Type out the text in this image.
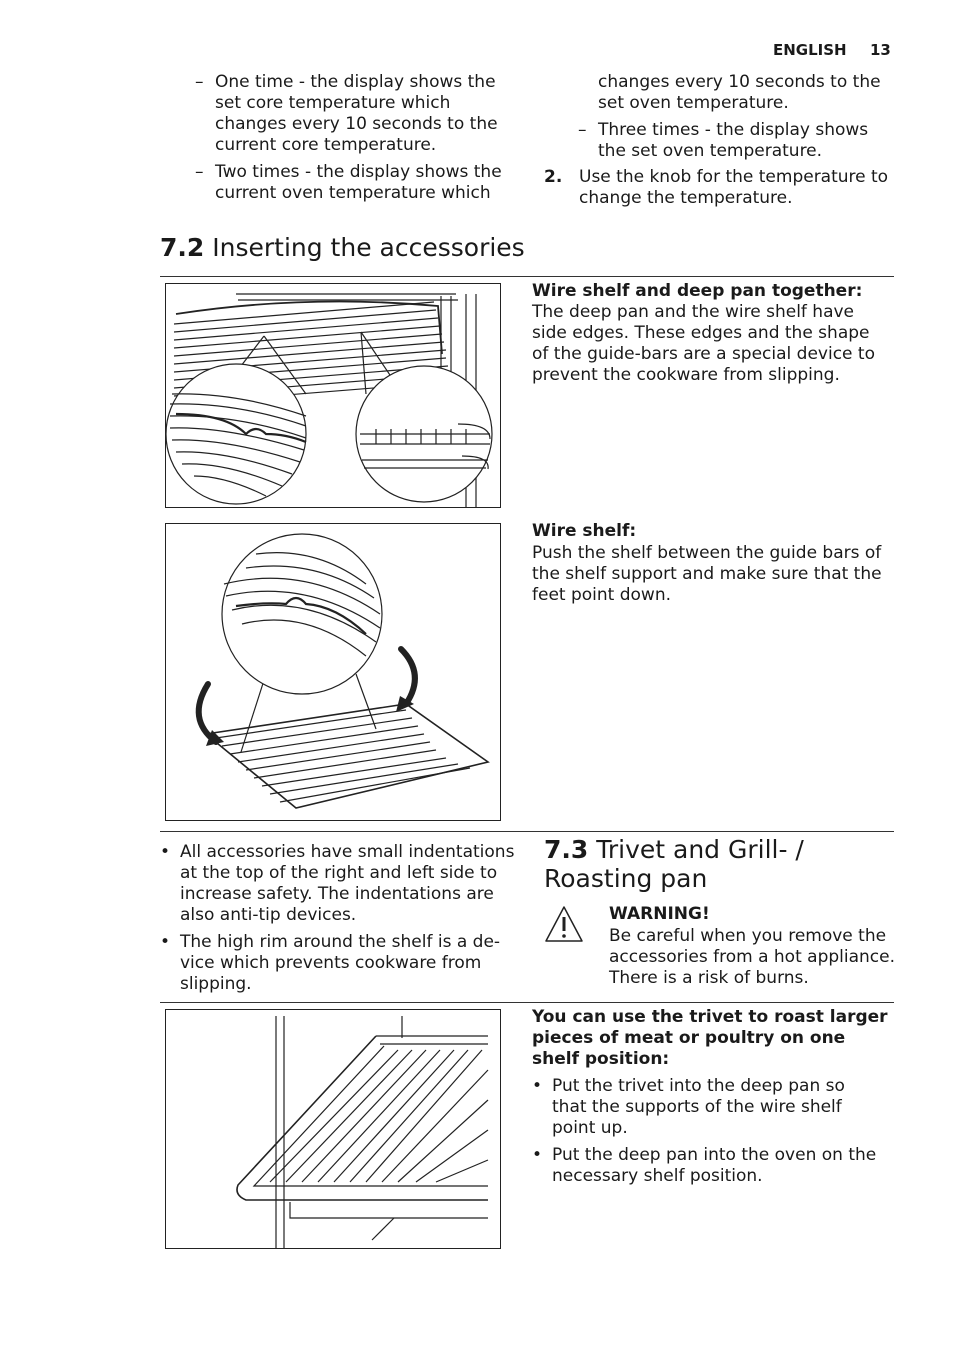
ENGLISH 13
– One time - the display shows the set core temperature which changes every 10 seconds to the current core temperature.
– Two times - the display shows the current oven temperature which
changes every 10 seconds to the set oven temperature.
– Three times - the display shows the set oven temperature.
2. Use the knob for the temperature to change the temperature.
7.2 Inserting the accessories
Wire shelf and deep pan together:
The deep pan and the wire shelf have side edges. These edges and the shape of the guide-bars are a special device to prevent the cookware from slipping.
Wire shelf:
Push the shelf between the guide bars of the shelf support and make sure that the feet point down.
• All accessories have small indentations at the top of the right and left side to increase safety. The indentations are also anti-tip devices.
• The high rim around the shelf is a de-vice which prevents cookware from slipping.
7.3 Trivet and Grill- / Roasting pan
WARNING!
Be careful when you remove the accessories from a hot appliance. There is a risk of burns.
You can use the trivet to roast larger pieces of meat or poultry on one shelf position:
• Put the trivet into the deep pan so that the supports of the wire shelf point up.
• Put the deep pan into the oven on the necessary shelf position.
